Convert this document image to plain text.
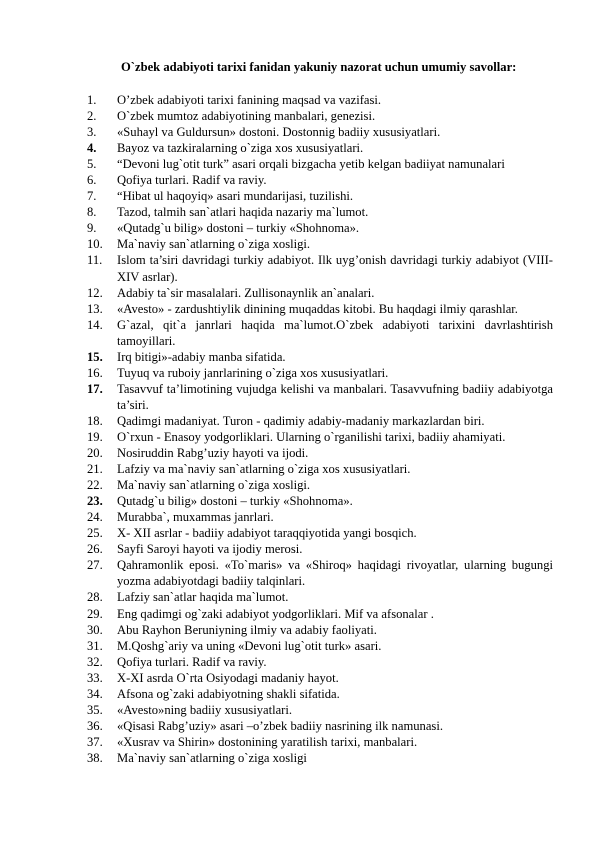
O`zbek adabiyoti tarixi fanidan yakuniy nazorat uchun umumiy savollar:
1.	O’zbek adabiyoti tarixi fanining maqsad va vazifasi.
2.	O`zbek mumtoz adabiyotining manbalari, genezisi.
3.	«Suhayl va Guldursun» dostoni. Dostonnig badiiy xususiyatlari.
4.	Bayoz va tazkiralarning o`ziga xos xususiyatlari.
5.	“Devoni lug`otit turk” asari orqali bizgacha yetib kelgan badiiyat namunalari
6.	Qofiya turlari. Radif va raviy.
7.	“Hibat ul haqoyiq» asari mundarijasi, tuzilishi.
8.	Tazod, talmih san`atlari haqida nazariy ma`lumot.
9.	«Qutadg`u bilig» dostoni – turkiy «Shohnoma».
10.	Ma`naviy san`atlarning o`ziga xosligi.
11.	Islom ta’siri davridagi turkiy adabiyot. Ilk uyg’onish davridagi turkiy adabiyot (VIII-XIV asrlar).
12.	Adabiy ta`sir masalalari. Zullisonaynlik an`analari.
13.	«Avesto» - zardushtiylik dinining muqaddas kitobi. Bu haqdagi ilmiy qarashlar.
14.	G`azal, qit`a janrlari haqida ma`lumot.O`zbek adabiyoti tarixini davrlashtirish tamoyillari.
15.	Irq bitigi»-adabiy manba sifatida.
16.	Tuyuq va ruboiy janrlarining o`ziga xos xususiyatlari.
17.	Tasavvuf ta’limotining vujudga kelishi va manbalari. Tasavvufning badiiy adabiyotga ta’siri.
18.	Qadimgi madaniyat. Turon - qadimiy adabiy-madaniy markazlardan biri.
19.	O`rxun - Enasoy yodgorliklari. Ularning o`rganilishi tarixi, badiiy ahamiyati.
20.	Nosiruddin Rabg’uziy hayoti va ijodi.
21.	Lafziy va ma`naviy san`atlarning o`ziga xos xususiyatlari.
22.	Ma`naviy san`atlarning o`ziga xosligi.
23.	Qutadg`u bilig» dostoni – turkiy «Shohnoma».
24.	Murabba`, muxammas janrlari.
25.	X- XII asrlar - badiiy adabiyot taraqqiyotida yangi bosqich.
26.	Sayfi Saroyi hayoti va ijodiy merosi.
27.	Qahramonlik eposi. «To`maris» va «Shiroq» haqidagi rivoyatlar, ularning bugungi yozma adabiyotdagi badiiy talqinlari.
28.	Lafziy san`atlar haqida ma`lumot.
29.	Eng qadimgi og`zaki adabiyot yodgorliklari. Mif va afsonalar .
30.	Abu Rayhon Beruniyning ilmiy va adabiy faoliyati.
31.	M.Qoshg`ariy va uning «Devoni lug`otit turk» asari.
32.	Qofiya turlari. Radif va raviy.
33.	X-XI asrda O`rta Osiyodagi madaniy hayot.
34.	Afsona og`zaki adabiyotning shakli sifatida.
35.	«Avesto»ning badiiy xususiyatlari.
36.	«Qisasi Rabg’uziy» asari –o’zbek badiiy nasrining ilk namunasi.
37.	«Xusrav va Shirin» dostonining yaratilish tarixi, manbalari.
38.	Ma`naviy san`atlarning o`ziga xosligi
